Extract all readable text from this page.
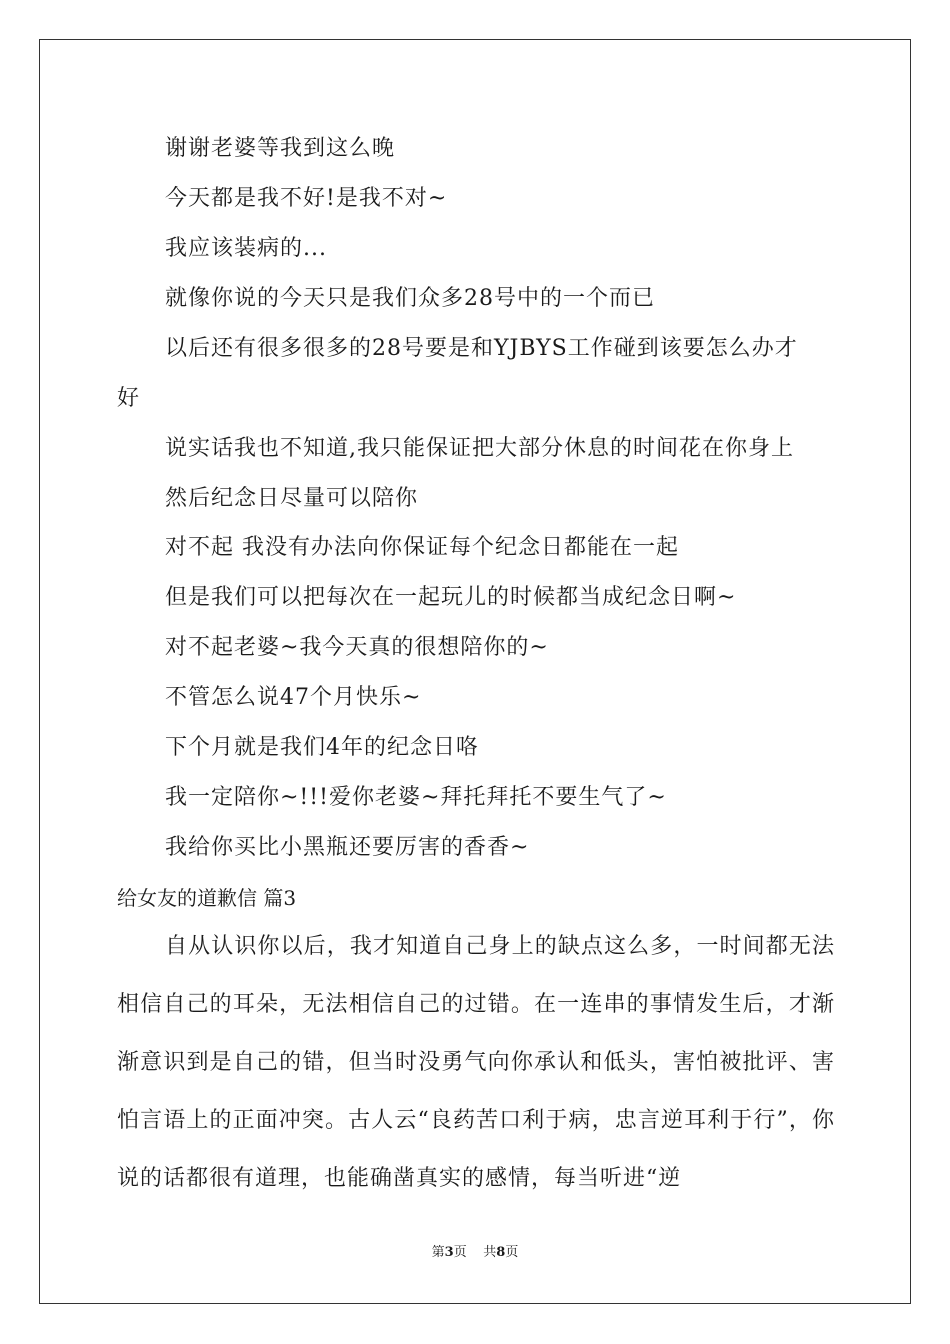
谢谢老婆等我到这么晚
今天都是我不好!是我不对~
我应该装病的...
就像你说的今天只是我们众多28号中的一个而已
以后还有很多很多的28号要是和YJBYS工作碰到该要怎么办才
好
说实话我也不知道,我只能保证把大部分休息的时间花在你身上
然后纪念日尽量可以陪你
对不起 我没有办法向你保证每个纪念日都能在一起
但是我们可以把每次在一起玩儿的时候都当成纪念日啊~
对不起老婆~我今天真的很想陪你的~
不管怎么说47个月快乐~
下个月就是我们4年的纪念日咯
我一定陪你~!!!爱你老婆~拜托拜托不要生气了~
我给你买比小黑瓶还要厉害的香香~
给女友的道歉信 篇3

自从认识你以后，我才知道自己身上的缺点这么多，一时间都无法相信自己的耳朵，无法相信自己的过错。在一连串的事情发生后，才渐渐意识到是自己的错，但当时没勇气向你承认和低头，害怕被批评、害怕言语上的正面冲突。古人云“良药苦口利于病，忠言逆耳利于行”，你说的话都很有道理，也能确凿真实的感情，每当听进“逆

第3页 共8页
